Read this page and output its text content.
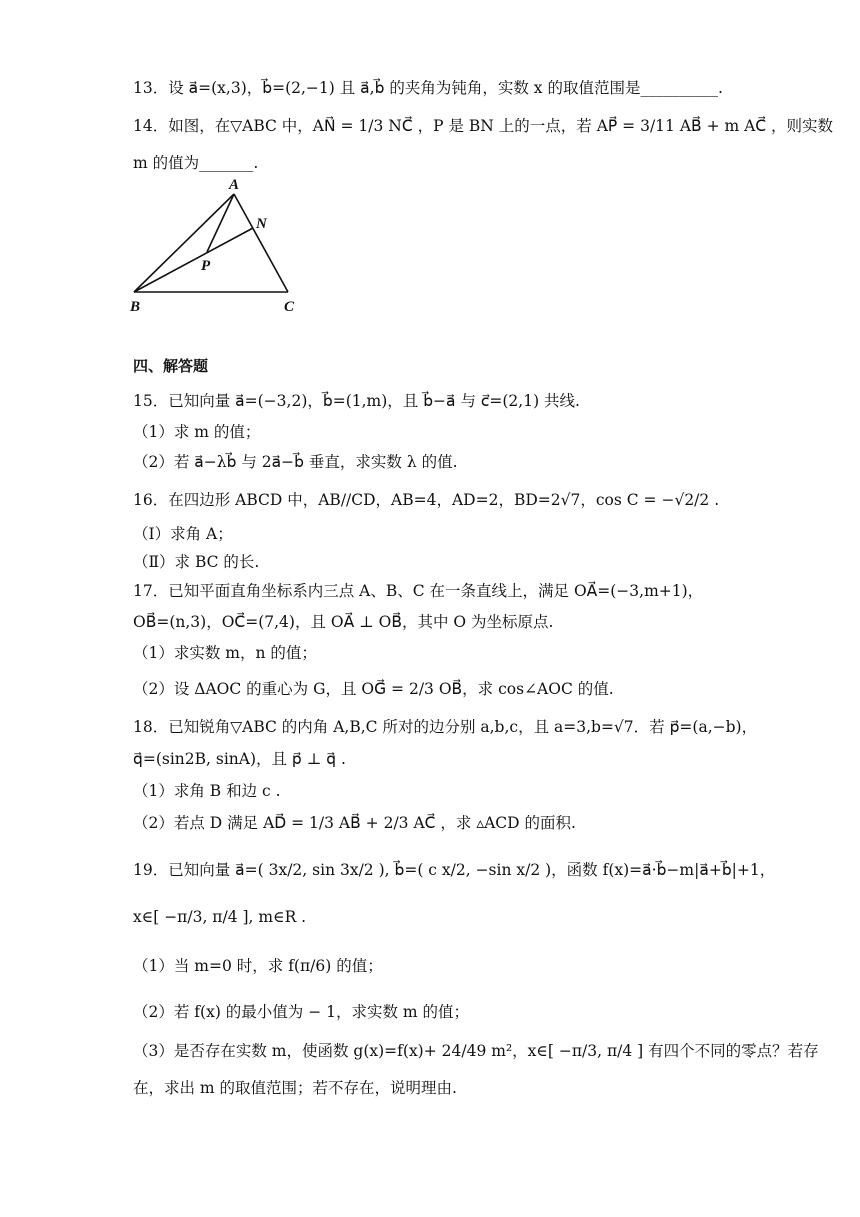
13．设 a⃗=(x,3)，b⃗=(2,−1) 且 a⃗,b⃗ 的夹角为钝角，实数 x 的取值范围是__________.
14．如图，在▽ABC 中，AN⃗ = 1/3 NC⃗ ，P 是 BN 上的一点，若 AP⃗ = 3/11 AB⃗ + m AC⃗ ，则实数
m 的值为_______.
A
N
P
B	C
四、解答题
15．已知向量 a⃗=(−3,2)，b⃗=(1,m)，且 b⃗−a⃗ 与 c⃗=(2,1) 共线.
（1）求 m 的值；
（2）若 a⃗−λb⃗ 与 2a⃗−b⃗ 垂直，求实数 λ 的值.
16．在四边形 ABCD 中，AB//CD，AB=4，AD=2，BD=2√7，cos C = −√2/2 .
（Ⅰ）求角 A；
（Ⅱ）求 BC 的长.
17．已知平面直角坐标系内三点 A、B、C 在一条直线上，满足 OA⃗=(−3,m+1)，
OB⃗=(n,3)，OC⃗=(7,4)，且 OA⃗ ⊥ OB⃗，其中 O 为坐标原点.
（1）求实数 m，n 的值；
（2）设 ΔAOC 的重心为 G，且 OG⃗ = 2/3 OB⃗，求 cos∠AOC 的值.
18．已知锐角▽ABC 的内角 A,B,C 所对的边分别 a,b,c，且 a=3,b=√7．若 p⃗=(a,−b)，
q⃗=(sin2B, sinA)，且 p⃗ ⊥ q⃗ .
（1）求角 B 和边 c .
（2）若点 D 满足 AD⃗ = 1/3 AB⃗ + 2/3 AC⃗ ，求 ▵ACD 的面积.
19．已知向量 a⃗=( 3x/2, sin 3x/2 ), b⃗=( c x/2, −sin x/2 )，函数 f(x)=a⃗·b⃗−m|a⃗+b⃗|+1，
x∈[ −π/3, π/4 ], m∈R .
（1）当 m=0 时，求 f(π/6) 的值；
（2）若 f(x) 的最小值为 − 1，求实数 m 的值；
（3）是否存在实数 m，使函数 g(x)=f(x)+ 24/49 m²，x∈[ −π/3, π/4 ] 有四个不同的零点？若存
在，求出 m 的取值范围；若不存在，说明理由.
